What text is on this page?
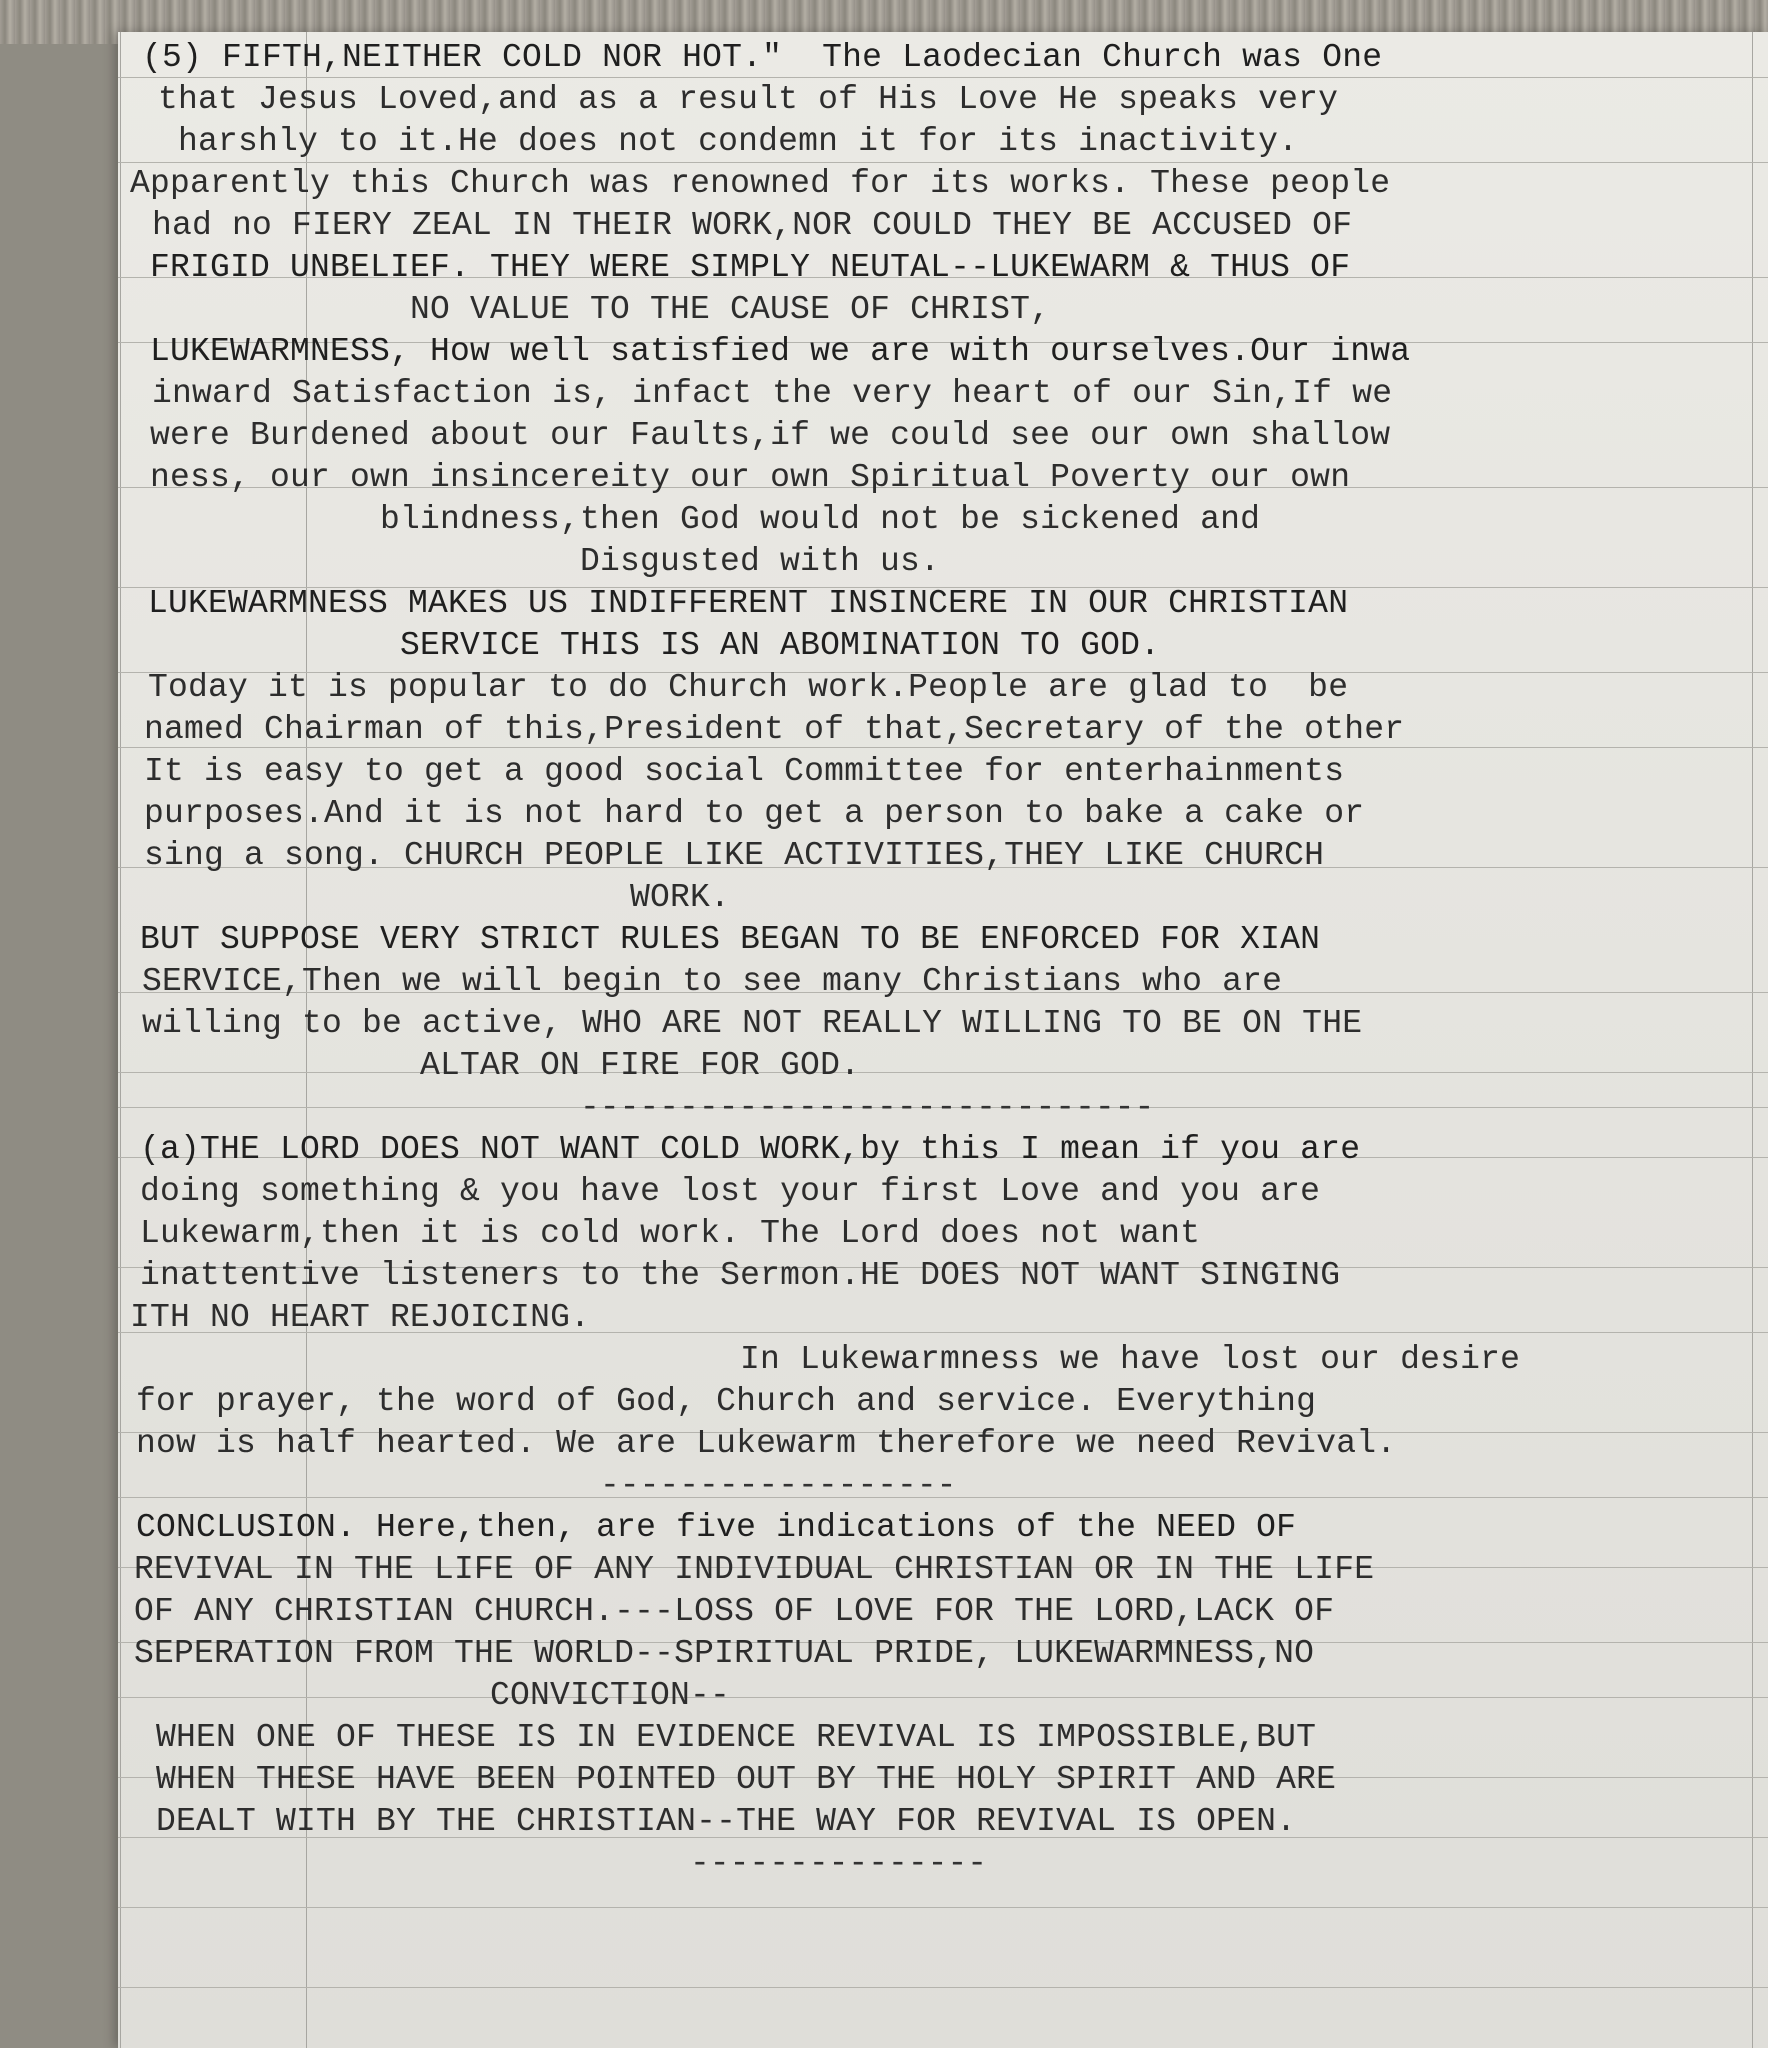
(5) FIFTH,NEITHER COLD NOR HOT."  The Laodecian Church was One
that Jesus Loved,and as a result of His Love He speaks very
harshly to it.He does not condemn it for its inactivity.
Apparently this Church was renowned for its works. These people
had no FIERY ZEAL IN THEIR WORK,NOR COULD THEY BE ACCUSED OF
FRIGID UNBELIEF. THEY WERE SIMPLY NEUTAL--LUKEWARM & THUS OF
NO VALUE TO THE CAUSE OF CHRIST,
LUKEWARMNESS, How well satisfied we are with ourselves.Our inwa
inward Satisfaction is, infact the very heart of our Sin,If we
were Burdened about our Faults,if we could see our own shallow
ness, our own insincereity our own Spiritual Poverty our own
blindness,then God would not be sickened and
Disgusted with us.
LUKEWARMNESS MAKES US INDIFFERENT INSINCERE IN OUR CHRISTIAN
SERVICE THIS IS AN ABOMINATION TO GOD.
Today it is popular to do Church work.People are glad to  be
named Chairman of this,President of that,Secretary of the other
It is easy to get a good social Committee for enterhainments
purposes.And it is not hard to get a person to bake a cake or
sing a song. CHURCH PEOPLE LIKE ACTIVITIES,THEY LIKE CHURCH
WORK.
BUT SUPPOSE VERY STRICT RULES BEGAN TO BE ENFORCED FOR XIAN
SERVICE,Then we will begin to see many Christians who are
willing to be active, WHO ARE NOT REALLY WILLING TO BE ON THE
ALTAR ON FIRE FOR GOD.
-----------------------------
(a)THE LORD DOES NOT WANT COLD WORK,by this I mean if you are
doing something & you have lost your first Love and you are
Lukewarm,then it is cold work. The Lord does not want
inattentive listeners to the Sermon.HE DOES NOT WANT SINGING
ITH NO HEART REJOICING.
In Lukewarmness we have lost our desire
for prayer, the word of God, Church and service. Everything
now is half hearted. We are Lukewarm therefore we need Revival.
------------------
CONCLUSION. Here,then, are five indications of the NEED OF
REVIVAL IN THE LIFE OF ANY INDIVIDUAL CHRISTIAN OR IN THE LIFE
OF ANY CHRISTIAN CHURCH.---LOSS OF LOVE FOR THE LORD,LACK OF
SEPERATION FROM THE WORLD--SPIRITUAL PRIDE, LUKEWARMNESS,NO
CONVICTION--
WHEN ONE OF THESE IS IN EVIDENCE REVIVAL IS IMPOSSIBLE,BUT
WHEN THESE HAVE BEEN POINTED OUT BY THE HOLY SPIRIT AND ARE
DEALT WITH BY THE CHRISTIAN--THE WAY FOR REVIVAL IS OPEN.
---------------
